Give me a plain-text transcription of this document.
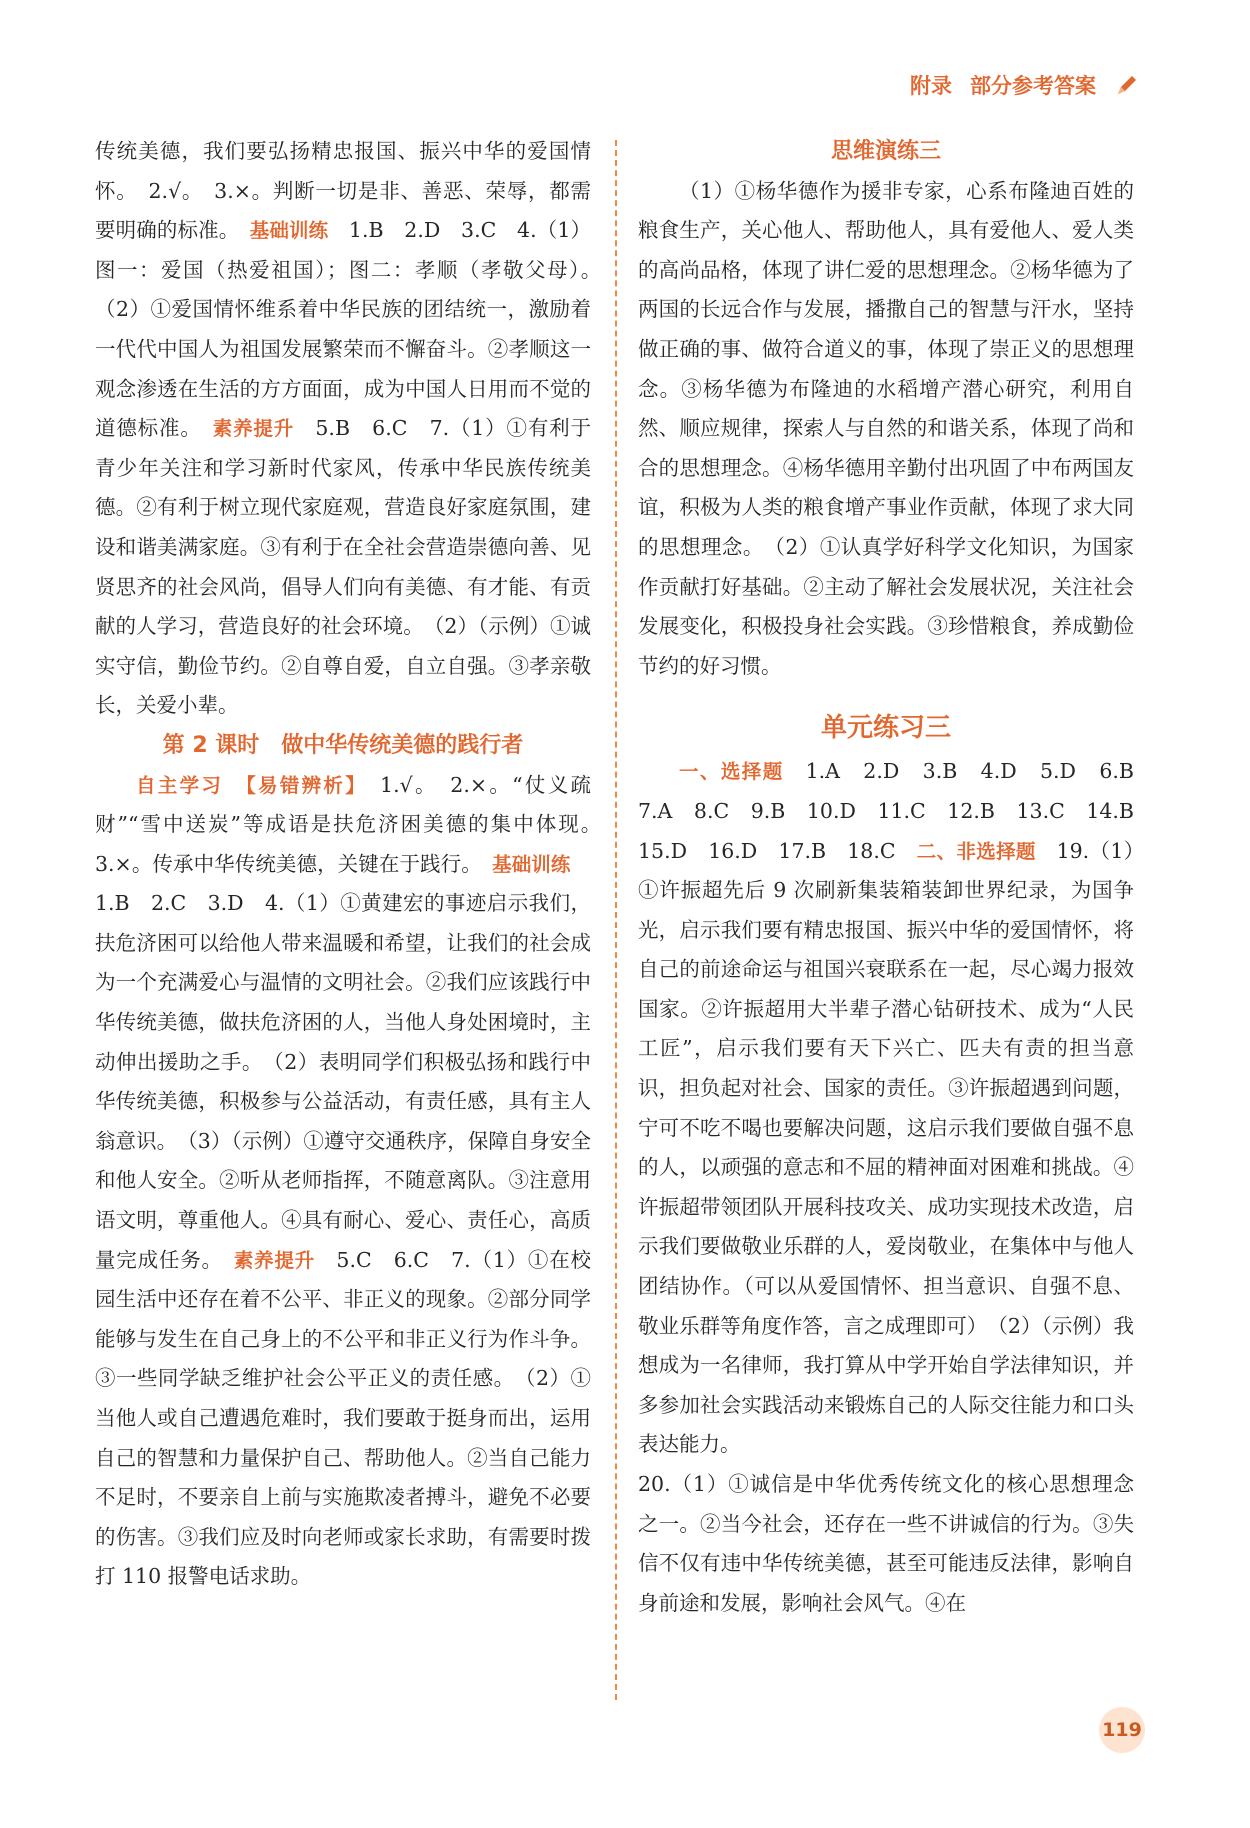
附录 部分参考答案
传统美德，我们要弘扬精忠报国、振兴中华的爱国情怀。　2.√。　3.×。判断一切是非、善恶、荣辱，都需要明确的标准。　基础训练　1.B　2.D　3.C　4.（1）图一：爱国（热爱祖国）；图二：孝顺（孝敬父母）。　（2）①爱国情怀维系着中华民族的团结统一，激励着一代代中国人为祖国发展繁荣而不懈奋斗。②孝顺这一观念渗透在生活的方方面面，成为中国人日用而不觉的道德标准。　素养提升　5.B　6.C　7.（1）①有利于青少年关注和学习新时代家风，传承中华民族传统美德。②有利于树立现代家庭观，营造良好家庭氛围，建设和谐美满家庭。③有利于在全社会营造崇德向善、见贤思齐的社会风尚，倡导人们向有美德、有才能、有贡献的人学习，营造良好的社会环境。　（2）（示例）①诚实守信，勤俭节约。②自尊自爱，自立自强。③孝亲敬长，关爱小辈。
第 2 课时　做中华传统美德的践行者
自主学习　 【易错辨析】　1.√。　2.×。“仗义疏财”“雪中送炭”等成语是扶危济困美德的集中体现。　3.×。传承中华传统美德，关键在于践行。　基础训练　1.B　2.C　3.D　4.（1）①黄建宏的事迹启示我们，扶危济困可以给他人带来温暖和希望，让我们的社会成为一个充满爱心与温情的文明社会。②我们应该践行中华传统美德，做扶危济困的人，当他人身处困境时，主动伸出援助之手。　（2）表明同学们积极弘扬和践行中华传统美德，积极参与公益活动，有责任感，具有主人翁意识。　（3）（示例）①遵守交通秩序，保障自身安全和他人安全。②听从老师指挥，不随意离队。③注意用语文明，尊重他人。④具有耐心、爱心、责任心，高质量完成任务。　素养提升　5.C　6.C　7.（1）①在校园生活中还存在着不公平、非正义的现象。②部分同学能够与发生在自己身上的不公平和非正义行为作斗争。③一些同学缺乏维护社会公平正义的责任感。　（2）①当他人或自己遭遇危难时，我们要敢于挺身而出，运用自己的智慧和力量保护自己、帮助他人。②当自己能力不足时，不要亲自上前与实施欺凌者搏斗，避免不必要的伤害。③我们应及时向老师或家长求助，有需要时拨打 110 报警电话求助。
思维演练三
（1）①杨华德作为援非专家，心系布隆迪百姓的粮食生产，关心他人、帮助他人，具有爱他人、爱人类的高尚品格，体现了讲仁爱的思想理念。②杨华德为了两国的长远合作与发展，播撒自己的智慧与汗水，坚持做正确的事、做符合道义的事，体现了崇正义的思想理念。③杨华德为布隆迪的水稻增产潜心研究，利用自然、顺应规律，探索人与自然的和谐关系，体现了尚和合的思想理念。④杨华德用辛勤付出巩固了中布两国友谊，积极为人类的粮食增产事业作贡献，体现了求大同的思想理念。　（2）①认真学好科学文化知识，为国家作贡献打好基础。②主动了解社会发展状况，关注社会发展变化，积极投身社会实践。③珍惜粮食，养成勤俭节约的好习惯。
单元练习三
一、选择题　1.A　2.D　3.B　4.D　5.D　6.B　7.A　8.C　9.B　10.D　11.C　12.B　13.C　14.B　15.D　16.D　17.B　18.C　二、非选择题　19.（1）①许振超先后 9 次刷新集装箱装卸世界纪录，为国争光，启示我们要有精忠报国、振兴中华的爱国情怀，将自己的前途命运与祖国兴衰联系在一起，尽心竭力报效国家。②许振超用大半辈子潜心钻研技术、成为“人民工匠”，启示我们要有天下兴亡、匹夫有责的担当意识，担负起对社会、国家的责任。③许振超遇到问题，宁可不吃不喝也要解决问题，这启示我们要做自强不息的人，以顽强的意志和不屈的精神面对困难和挑战。④许振超带领团队开展科技攻关、成功实现技术改造，启示我们要做敬业乐群的人，爱岗敬业，在集体中与他人团结协作。（可以从爱国情怀、担当意识、自强不息、敬业乐群等角度作答，言之成理即可）　（2）（示例）我想成为一名律师，我打算从中学开始自学法律知识，并多参加社会实践活动来锻炼自己的人际交往能力和口头表达能力。
20.（1）①诚信是中华优秀传统文化的核心思想理念之一。②当今社会，还存在一些不讲诚信的行为。③失信不仅有违中华传统美德，甚至可能违反法律，影响自身前途和发展，影响社会风气。④在
119
